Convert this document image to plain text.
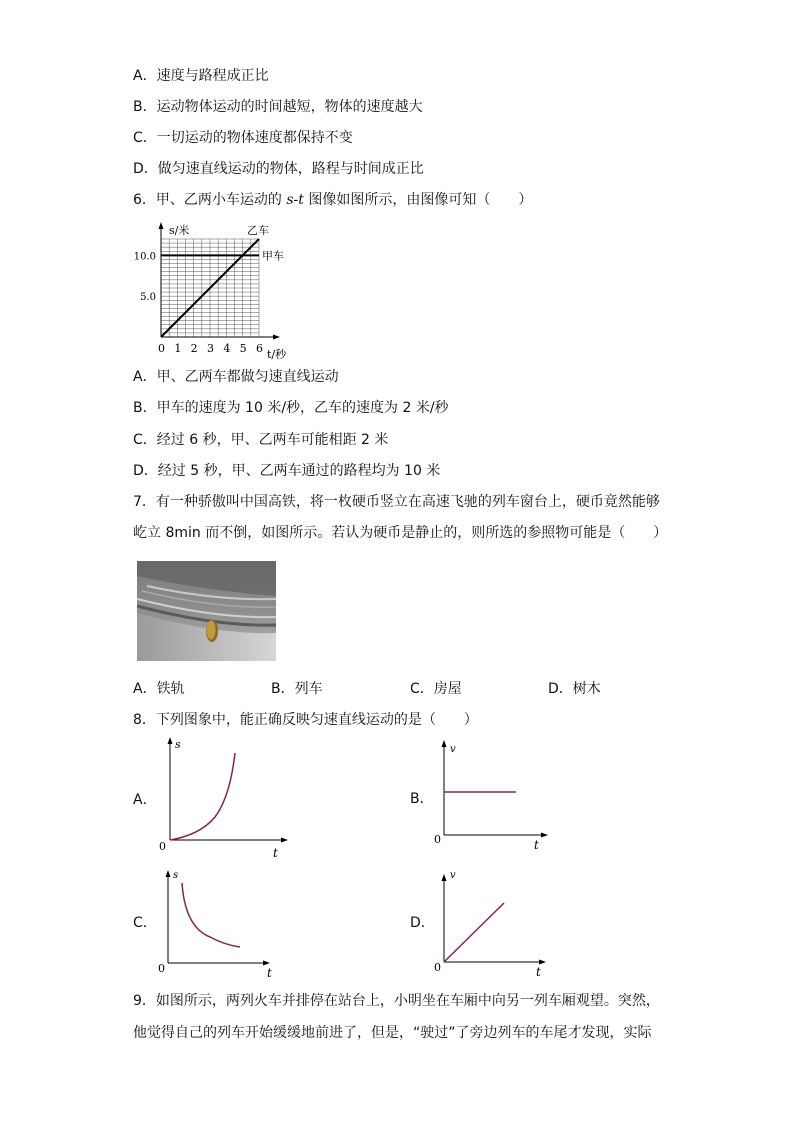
A．速度与路程成正比
B．运动物体运动的时间越短，物体的速度越大
C．一切运动的物体速度都保持不变
D．做匀速直线运动的物体，路程与时间成正比
6．甲、乙两小车运动的 s-t 图像如图所示，由图像可知（　　）
s/米
t/秒
0 1 2 3 4 5 6
5.0
10.0	甲车
乙车
A．甲、乙两车都做匀速直线运动
B．甲车的速度为 10 米/秒，乙车的速度为 2 米/秒
C．经过 6 秒，甲、乙两车可能相距 2 米
D．经过 5 秒，甲、乙两车通过的路程均为 10 米
7．有一种骄傲叫中国高铁，将一枚硬币竖立在高速飞驰的列车窗台上，硬币竟然能够
屹立 8min 而不倒，如图所示。若认为硬币是静止的，则所选的参照物可能是（　　）
A．铁轨	B．列车	C．房屋	D．树木
8．下列图象中，能正确反映匀速直线运动的是（　　）
A．
s
t
0
B．
v
t
0
C．
s
t
0
D．
v
t
0
9．如图所示，两列火车并排停在站台上，小明坐在车厢中向另一列车厢观望。突然，
他觉得自己的列车开始缓缓地前进了，但是，“驶过”了旁边列车的车尾才发现，实际
